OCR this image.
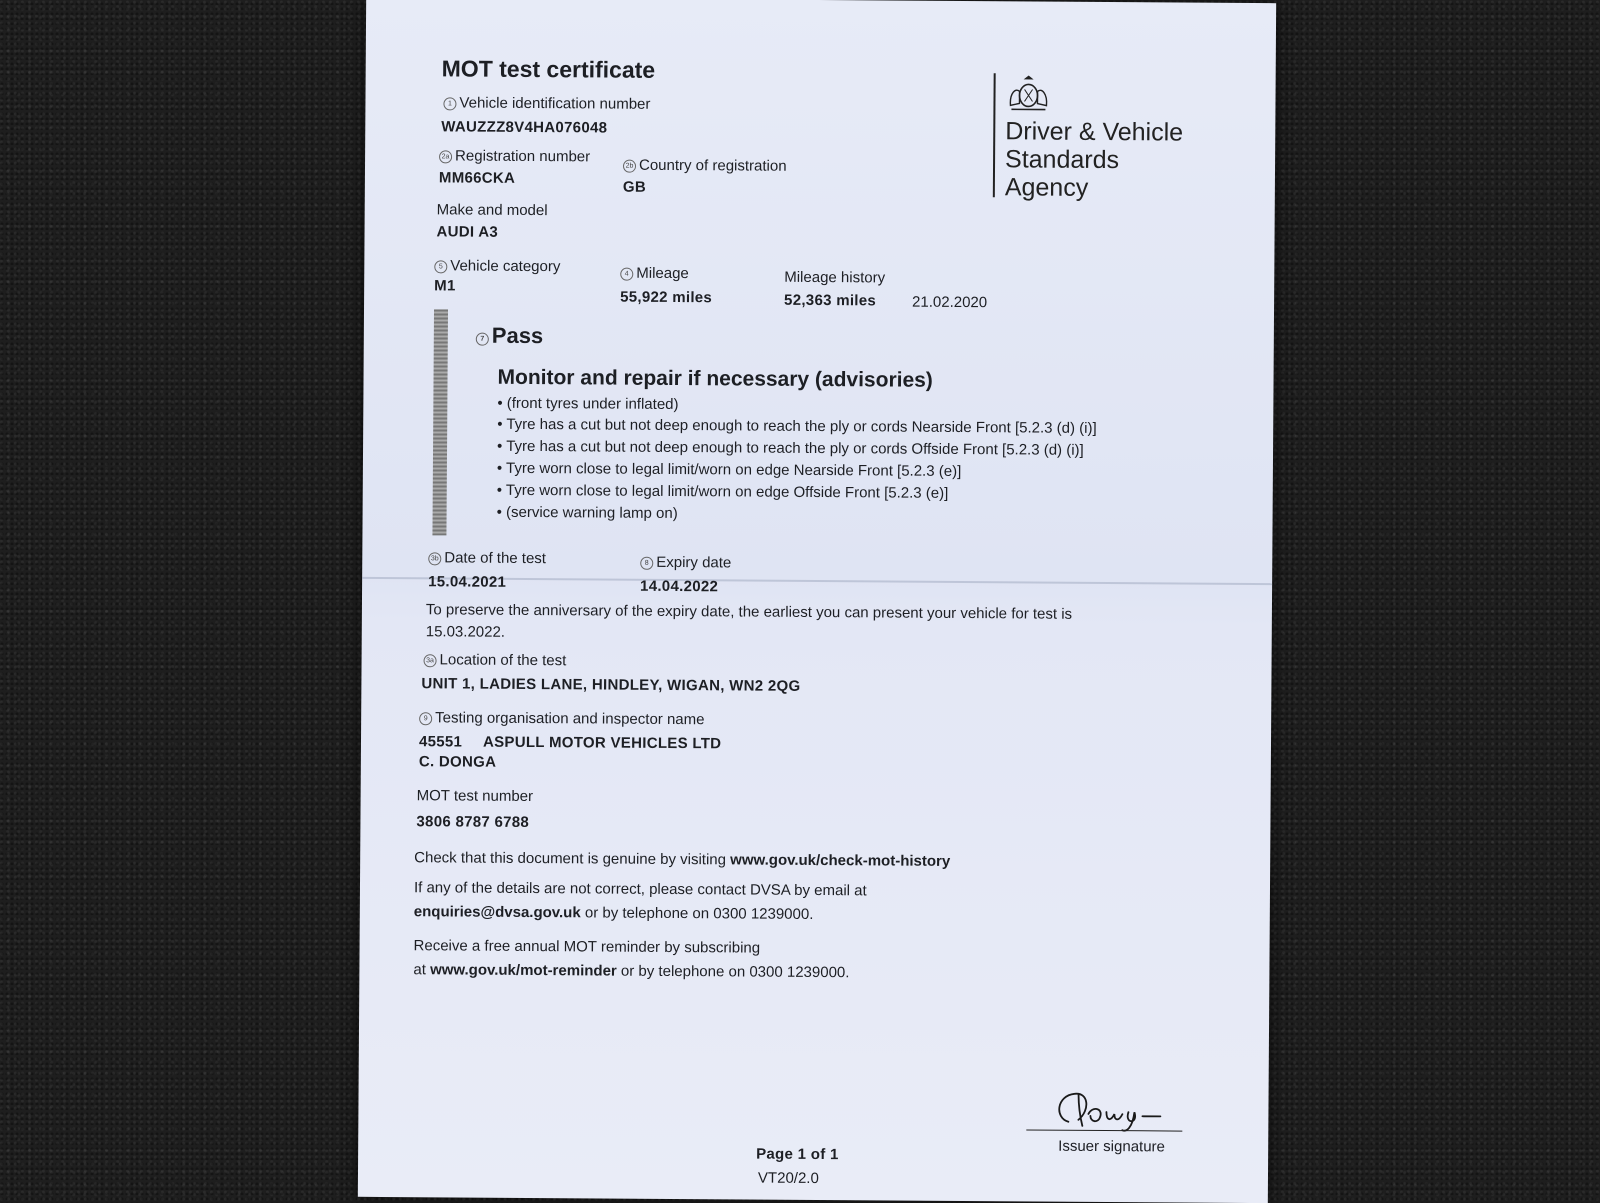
MOT test certificate
1 Vehicle identification number
WAUZZZ8V4HA076048
2a Registration number
MM66CKA
2b Country of registration
GB
Make and model
AUDI A3
5 Vehicle category
M1
4 Mileage
55,922 miles
Mileage history
52,363 miles 21.02.2020
Driver & Vehicle
Standards
Agency
7 Pass
Monitor and repair if necessary (advisories)
• (front tyres under inflated)
• Tyre has a cut but not deep enough to reach the ply or cords Nearside Front [5.2.3 (d) (i)]
• Tyre has a cut but not deep enough to reach the ply or cords Offside Front [5.2.3 (d) (i)]
• Tyre worn close to legal limit/worn on edge Nearside Front [5.2.3 (e)]
• Tyre worn close to legal limit/worn on edge Offside Front [5.2.3 (e)]
• (service warning lamp on)
3b Date of the test
15.04.2021
8 Expiry date
14.04.2022
To preserve the anniversary of the expiry date, the earliest you can present your vehicle for test is
15.03.2022.
3a Location of the test
UNIT 1, LADIES LANE, HINDLEY, WIGAN, WN2 2QG
9 Testing organisation and inspector name
45551 ASPULL MOTOR VEHICLES LTD
C. DONGA
MOT test number
3806 8787 6788
Check that this document is genuine by visiting www.gov.uk/check-mot-history
If any of the details are not correct, please contact DVSA by email at
enquiries@dvsa.gov.uk or by telephone on 0300 1239000.
Receive a free annual MOT reminder by subscribing
at www.gov.uk/mot-reminder or by telephone on 0300 1239000.
Issuer signature
Page 1 of 1
VT20/2.0
